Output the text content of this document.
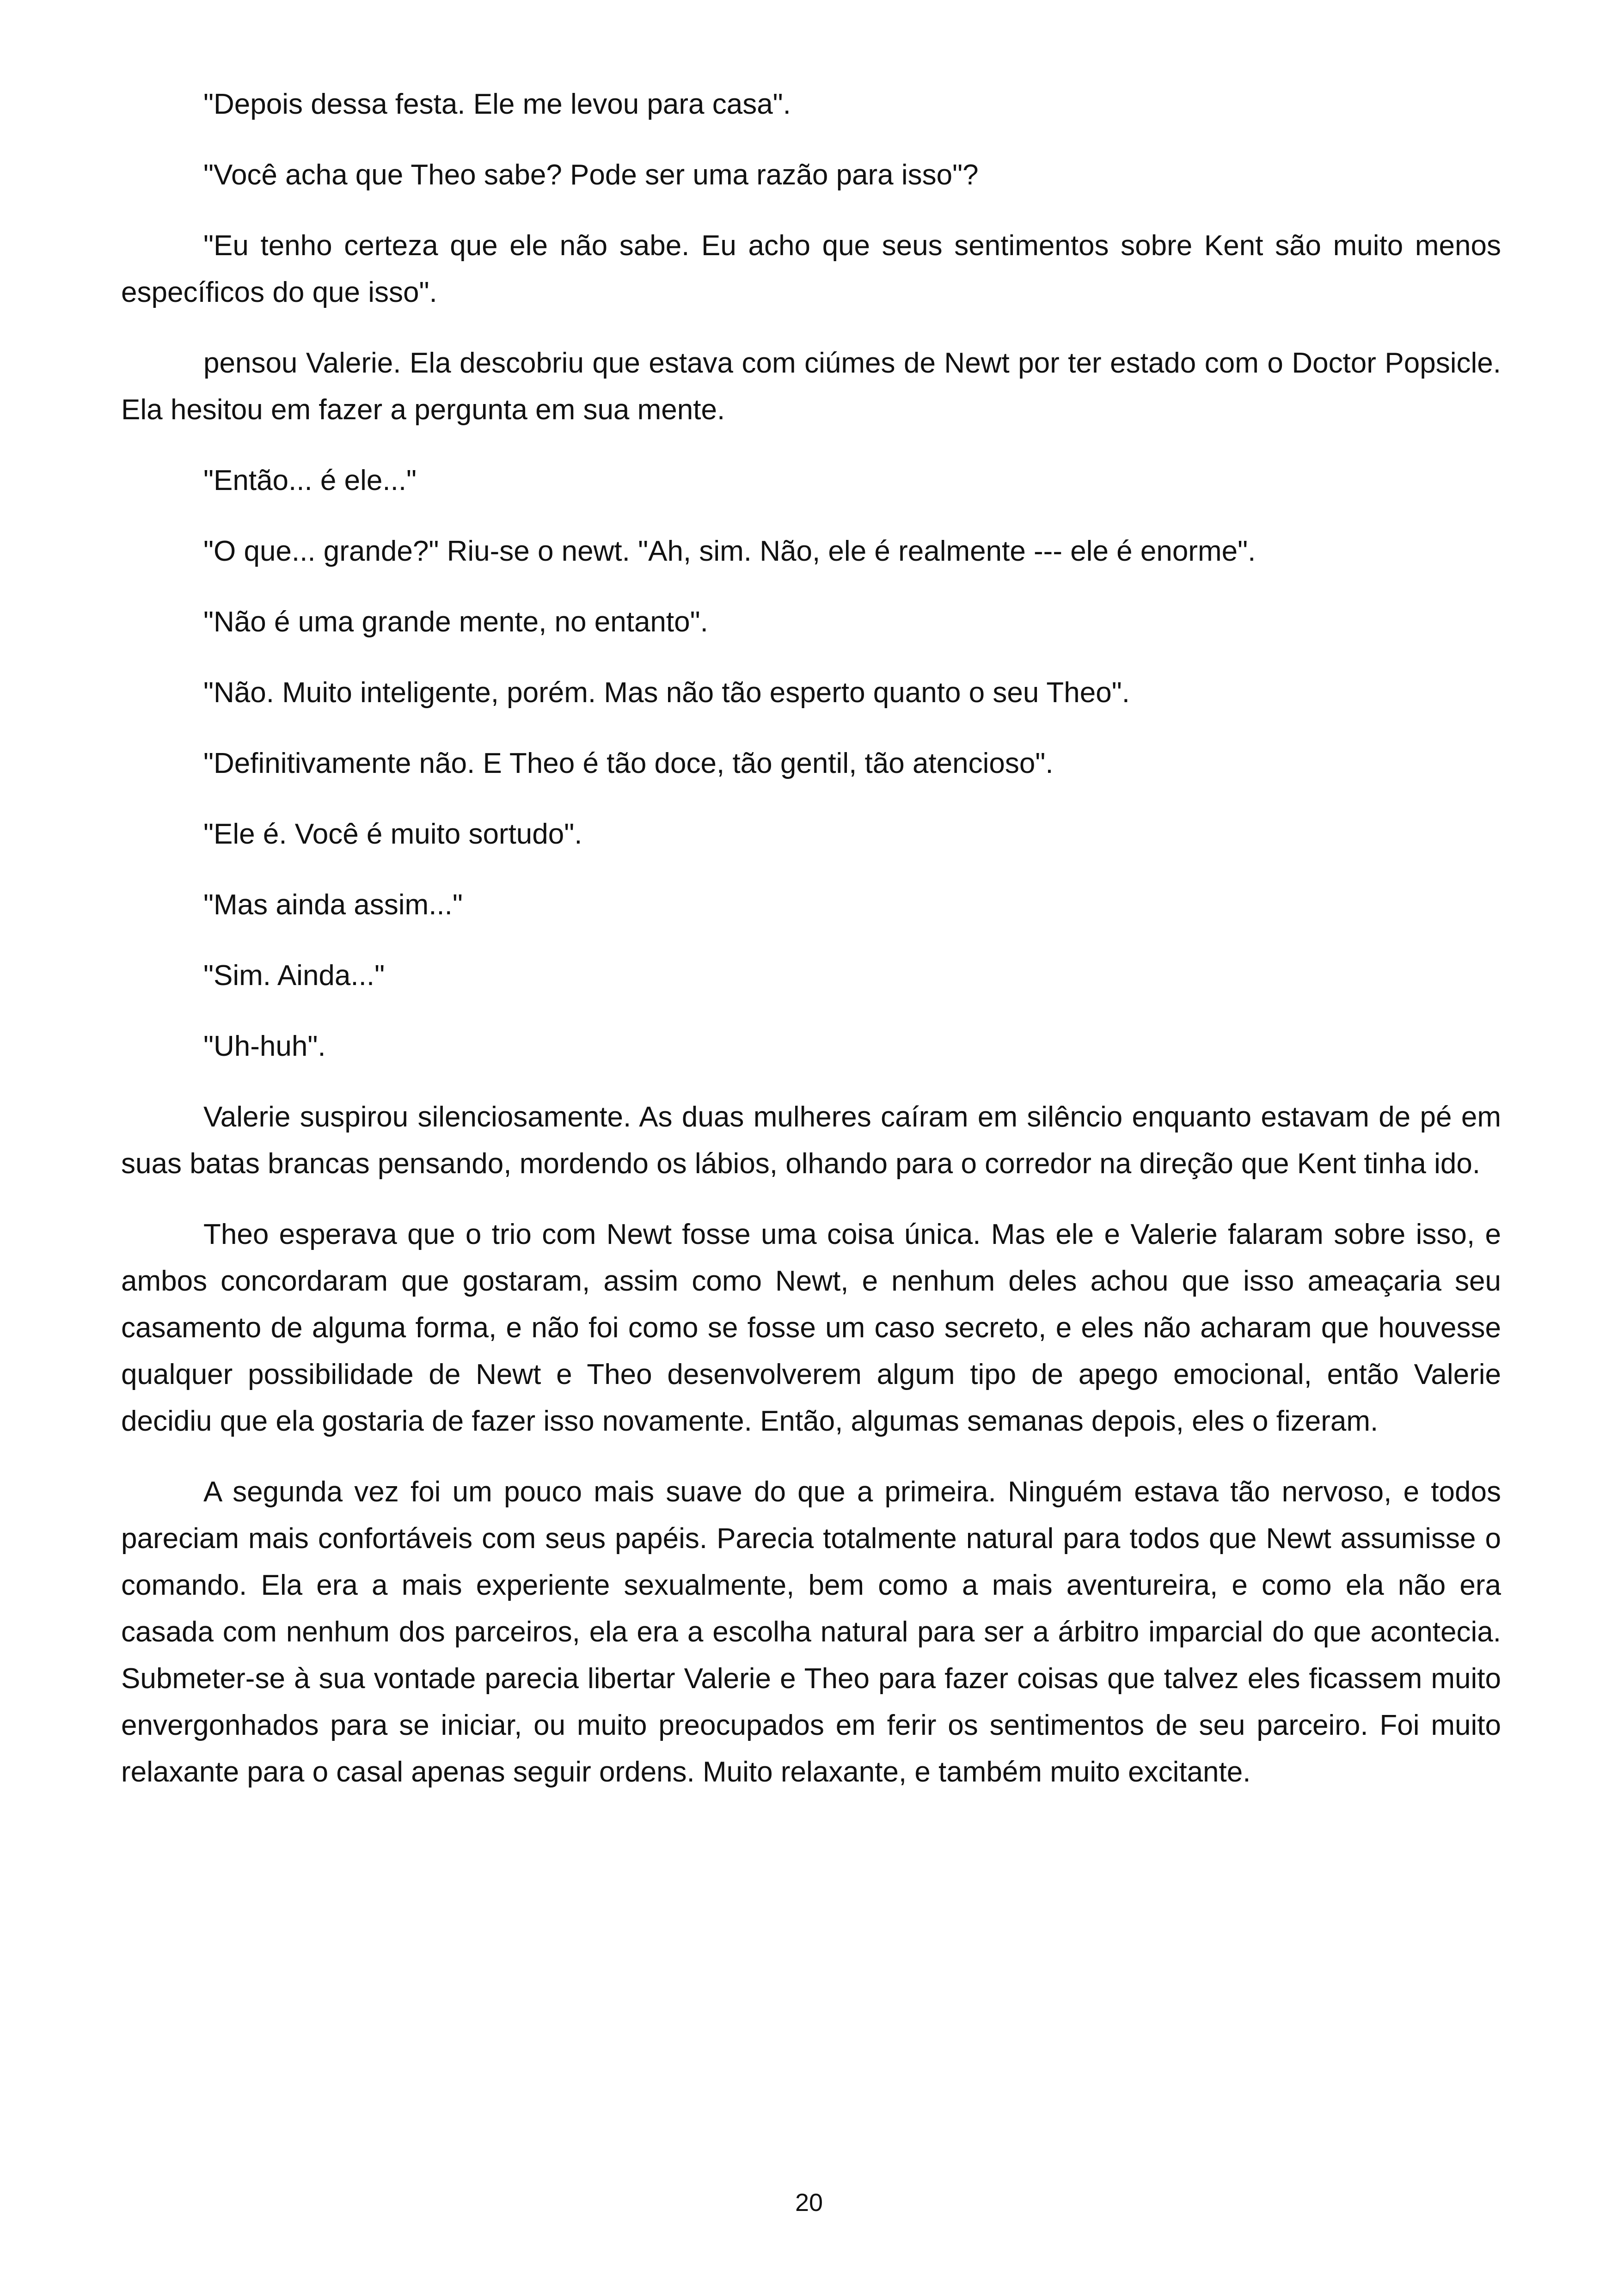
"Depois dessa festa. Ele me levou para casa".

"Você acha que Theo sabe? Pode ser uma razão para isso"?

"Eu tenho certeza que ele não sabe. Eu acho que seus sentimentos sobre Kent são muito menos específicos do que isso".

pensou Valerie. Ela descobriu que estava com ciúmes de Newt por ter estado com o Doctor Popsicle. Ela hesitou em fazer a pergunta em sua mente.

"Então... é ele..."

"O que... grande?" Riu-se o newt. "Ah, sim. Não, ele é realmente --- ele é enorme".

"Não é uma grande mente, no entanto".

"Não. Muito inteligente, porém. Mas não tão esperto quanto o seu Theo".

"Definitivamente não. E Theo é tão doce, tão gentil, tão atencioso".

"Ele é. Você é muito sortudo".

"Mas ainda assim..."

"Sim. Ainda..."

"Uh-huh".

Valerie suspirou silenciosamente. As duas mulheres caíram em silêncio enquanto estavam de pé em suas batas brancas pensando, mordendo os lábios, olhando para o corredor na direção que Kent tinha ido.

Theo esperava que o trio com Newt fosse uma coisa única. Mas ele e Valerie falaram sobre isso, e ambos concordaram que gostaram, assim como Newt, e nenhum deles achou que isso ameaçaria seu casamento de alguma forma, e não foi como se fosse um caso secreto, e eles não acharam que houvesse qualquer possibilidade de Newt e Theo desenvolverem algum tipo de apego emocional, então Valerie decidiu que ela gostaria de fazer isso novamente. Então, algumas semanas depois, eles o fizeram.

A segunda vez foi um pouco mais suave do que a primeira. Ninguém estava tão nervoso, e todos pareciam mais confortáveis com seus papéis. Parecia totalmente natural para todos que Newt assumisse o comando. Ela era a mais experiente sexualmente, bem como a mais aventureira, e como ela não era casada com nenhum dos parceiros, ela era a escolha natural para ser a árbitro imparcial do que acontecia. Submeter-se à sua vontade parecia libertar Valerie e Theo para fazer coisas que talvez eles ficassem muito envergonhados para se iniciar, ou muito preocupados em ferir os sentimentos de seu parceiro. Foi muito relaxante para o casal apenas seguir ordens. Muito relaxante, e também muito excitante.

20
